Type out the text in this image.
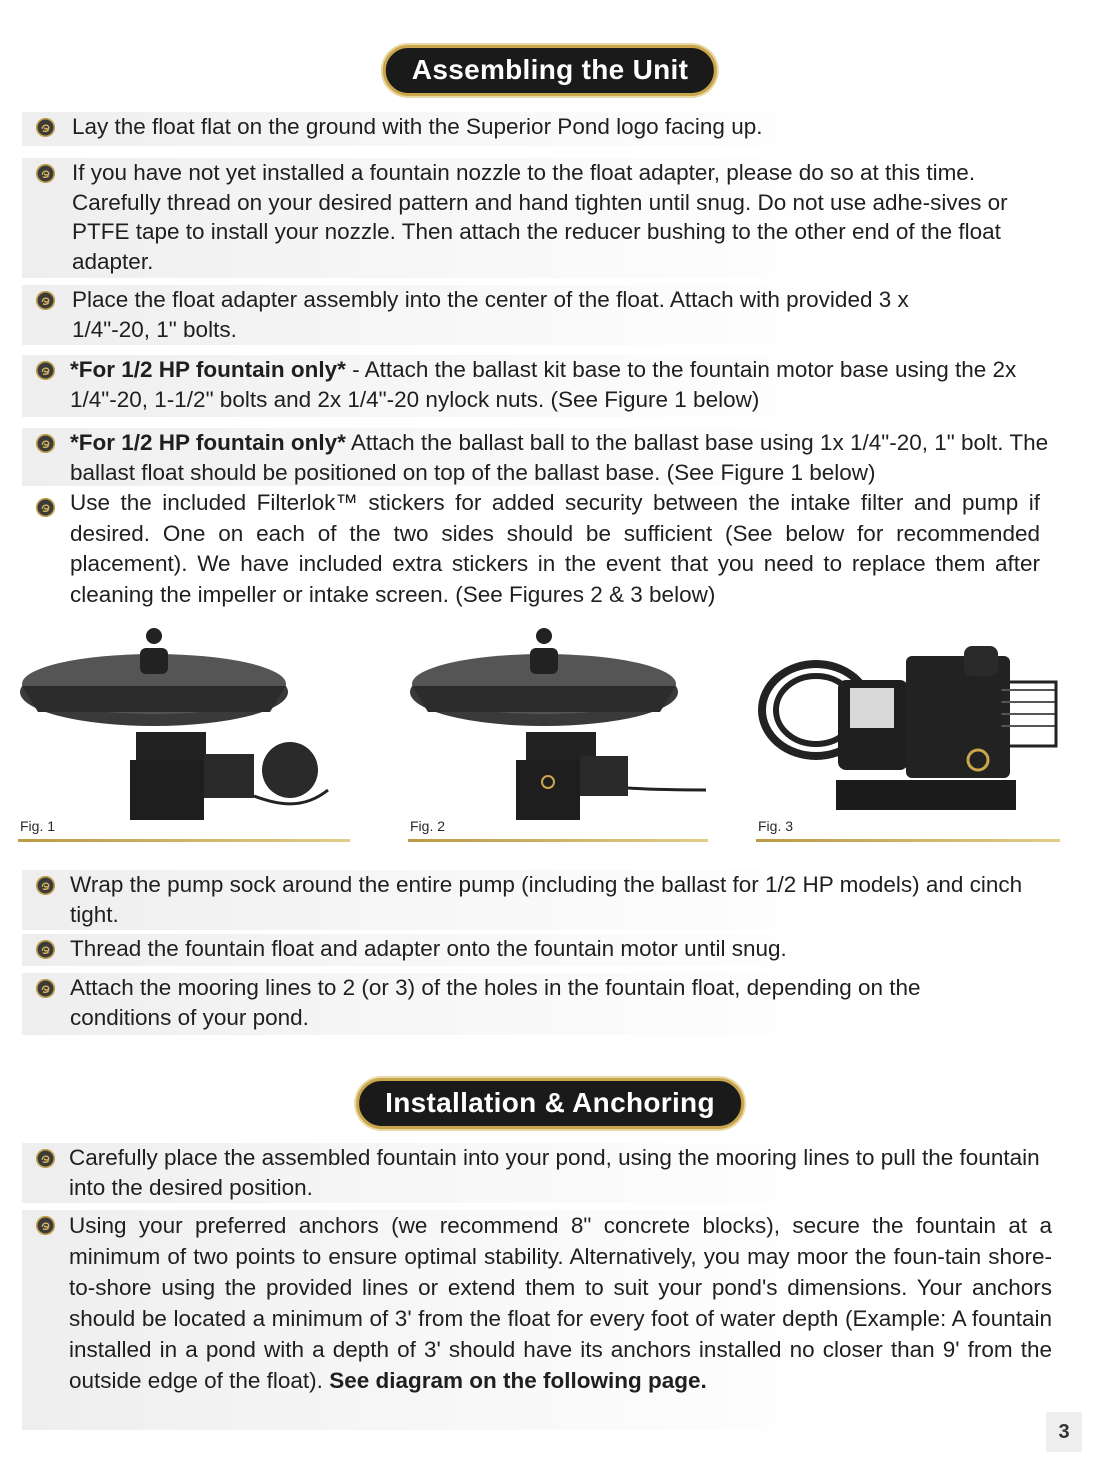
Assembling the Unit
Lay the float flat on the ground with the Superior Pond logo facing up.
If you have not yet installed a fountain nozzle to the float adapter, please do so at this time. Carefully thread on your desired pattern and hand tighten until snug. Do not use adhe-sives or PTFE tape to install your nozzle. Then attach the reducer bushing to the other end of the float adapter.
Place the float adapter assembly into the center of the float. Attach with provided 3 x 1/4"-20, 1" bolts.
*For 1/2 HP fountain only* - Attach the ballast kit base to the fountain motor base using the 2x 1/4"-20, 1-1/2" bolts and 2x 1/4"-20 nylock nuts. (See Figure 1 below)
*For 1/2 HP fountain only* Attach the ballast ball to the ballast base using 1x 1/4"-20, 1" bolt. The ballast float should be positioned on top of the ballast base. (See Figure 1 below)
Use the included Filterlok™ stickers for added security between the intake filter and pump if desired. One on each of the two sides should be sufficient (See below for recommended placement). We have included extra stickers in the event that you need to replace them after cleaning the impeller or intake screen. (See Figures 2 & 3 below)
Fig. 1	Fig. 2	Fig. 3
Wrap the pump sock around the entire pump (including the ballast for 1/2 HP models) and cinch tight.
Thread the fountain float and adapter onto the fountain motor until snug.
Attach the mooring lines to 2 (or 3) of the holes in the fountain float, depending on the conditions of your pond.
Installation & Anchoring
Carefully place the assembled fountain into your pond, using the mooring lines to pull the fountain into the desired position.
Using your preferred anchors (we recommend 8" concrete blocks), secure the fountain at a minimum of two points to ensure optimal stability. Alternatively, you may moor the foun-tain shore-to-shore using the provided lines or extend them to suit your pond's dimensions. Your anchors should be located a minimum of 3' from the float for every foot of water depth (Example: A fountain installed in a pond with a depth of 3' should have its anchors installed no closer than 9' from the outside edge of the float). See diagram on the following page.
3
